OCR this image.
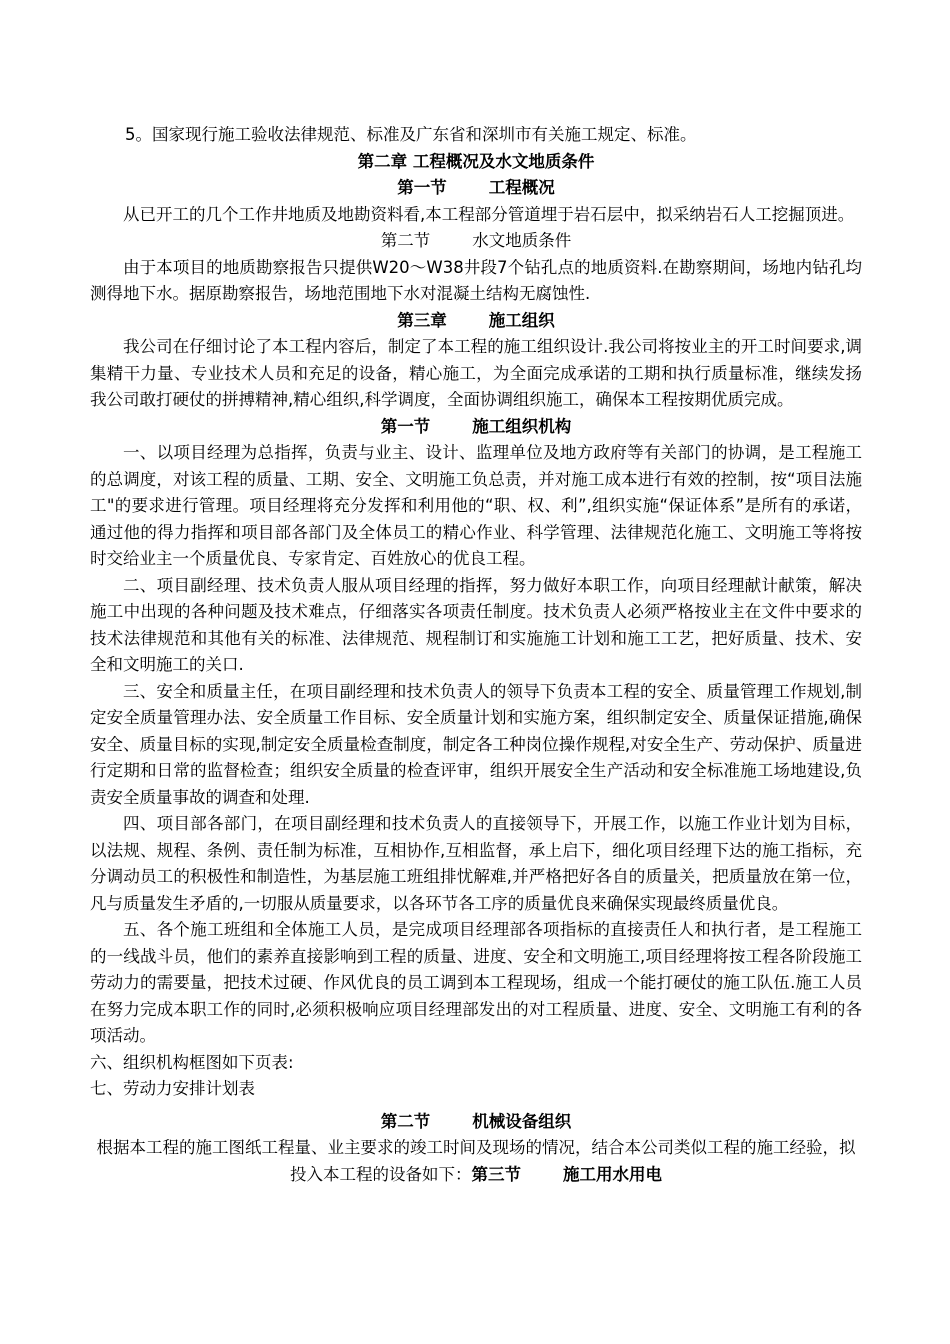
5。国家现行施工验收法律规范、标准及广东省和深圳市有关施工规定、标准。
第二章 工程概况及水文地质条件
第一节	工程概况

从已开工的几个工作井地质及地勘资料看,本工程部分管道埋于岩石层中，拟采纳岩石人工挖掘顶进。

第二节	水文地质条件

由于本项目的地质勘察报告只提供W20～W38井段7个钻孔点的地质资料.在勘察期间，场地内钻孔均测得地下水。据原勘察报告，场地范围地下水对混凝土结构无腐蚀性.

第三章	施工组织

我公司在仔细讨论了本工程内容后，制定了本工程的施工组织设计.我公司将按业主的开工时间要求,调集精干力量、专业技术人员和充足的设备，精心施工，为全面完成承诺的工期和执行质量标准，继续发扬我公司敢打硬仗的拼搏精神,精心组织,科学调度，全面协调组织施工，确保本工程按期优质完成。

第一节	施工组织机构

一、以项目经理为总指挥，负责与业主、设计、监理单位及地方政府等有关部门的协调，是工程施工的总调度，对该工程的质量、工期、安全、文明施工负总责，并对施工成本进行有效的控制，按“项目法施工"的要求进行管理。项目经理将充分发挥和利用他的“职、权、利”,组织实施“保证体系”是所有的承诺，通过他的得力指挥和项目部各部门及全体员工的精心作业、科学管理、法律规范化施工、文明施工等将按时交给业主一个质量优良、专家肯定、百姓放心的优良工程。

二、项目副经理、技术负责人服从项目经理的指挥，努力做好本职工作，向项目经理献计献策，解决施工中出现的各种问题及技术难点，仔细落实各项责任制度。技术负责人必须严格按业主在文件中要求的技术法律规范和其他有关的标准、法律规范、规程制订和实施施工计划和施工工艺，把好质量、技术、安全和文明施工的关口.

三、安全和质量主任，在项目副经理和技术负责人的领导下负责本工程的安全、质量管理工作规划,制定安全质量管理办法、安全质量工作目标、安全质量计划和实施方案，组织制定安全、质量保证措施,确保安全、质量目标的实现,制定安全质量检查制度，制定各工种岗位操作规程,对安全生产、劳动保护、质量进行定期和日常的监督检查；组织安全质量的检查评审，组织开展安全生产活动和安全标准施工场地建设,负责安全质量事故的调查和处理.

四、项目部各部门，在项目副经理和技术负责人的直接领导下，开展工作，以施工作业计划为目标，以法规、规程、条例、责任制为标准，互相协作,互相监督，承上启下，细化项目经理下达的施工指标，充分调动员工的积极性和制造性，为基层施工班组排忧解难,并严格把好各自的质量关，把质量放在第一位，凡与质量发生矛盾的,一切服从质量要求，以各环节各工序的质量优良来确保实现最终质量优良。

五、各个施工班组和全体施工人员，是完成项目经理部各项指标的直接责任人和执行者，是工程施工的一线战斗员，他们的素养直接影响到工程的质量、进度、安全和文明施工,项目经理将按工程各阶段施工劳动力的需要量，把技术过硬、作风优良的员工调到本工程现场，组成一个能打硬仗的施工队伍.施工人员在努力完成本职工作的同时,必须积极响应项目经理部发出的对工程质量、进度、安全、文明施工有利的各项活动。

六、组织机构框图如下页表:
七、劳动力安排计划表
第二节	机械设备组织
根据本工程的施工图纸工程量、业主要求的竣工时间及现场的情况，结合本公司类似工程的施工经验，拟投入本工程的设备如下：第三节	施工用水用电
